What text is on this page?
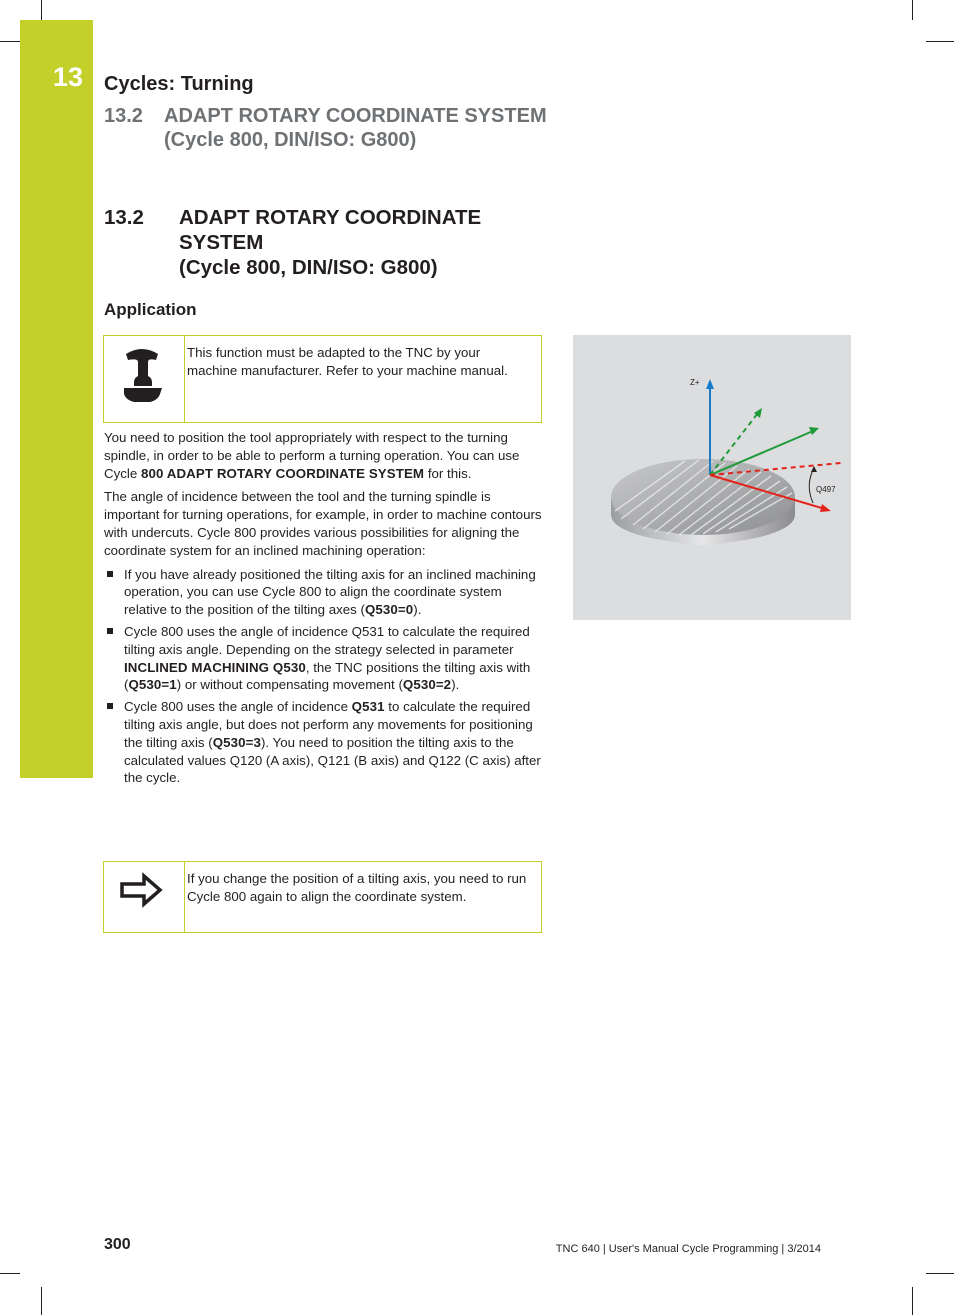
13 Cycles: Turning
13.2 ADAPT ROTARY COORDINATE SYSTEM
(Cycle 800, DIN/ISO: G800)
13.2 ADAPT ROTARY COORDINATE
SYSTEM
(Cycle 800, DIN/ISO: G800)
Application
This function must be adapted to the TNC by your machine manufacturer. Refer to your machine manual.

You need to position the tool appropriately with respect to the turning spindle, in order to be able to perform a turning operation. You can use Cycle 800 ADAPT ROTARY COORDINATE SYSTEM for this.

The angle of incidence between the tool and the turning spindle is important for turning operations, for example, in order to machine contours with undercuts. Cycle 800 provides various possibilities for aligning the coordinate system for an inclined machining operation:

If you have already positioned the tilting axis for an inclined machining operation, you can use Cycle 800 to align the coordinate system relative to the position of the tilting axes (Q530=0).
Cycle 800 uses the angle of incidence Q531 to calculate the required tilting axis angle. Depending on the strategy selected in parameter INCLINED MACHINING Q530, the TNC positions the tilting axis with (Q530=1) or without compensating movement (Q530=2).
Cycle 800 uses the angle of incidence Q531 to calculate the required tilting axis angle, but does not perform any movements for positioning the tilting axis (Q530=3). You need to position the tilting axis to the calculated values Q120 (A axis), Q121 (B axis) and Q122 (C axis) after the cycle.
If you change the position of a tilting axis, you need to run Cycle 800 again to align the coordinate system.
Z+
Q497
300	TNC 640 | User's Manual Cycle Programming | 3/2014
